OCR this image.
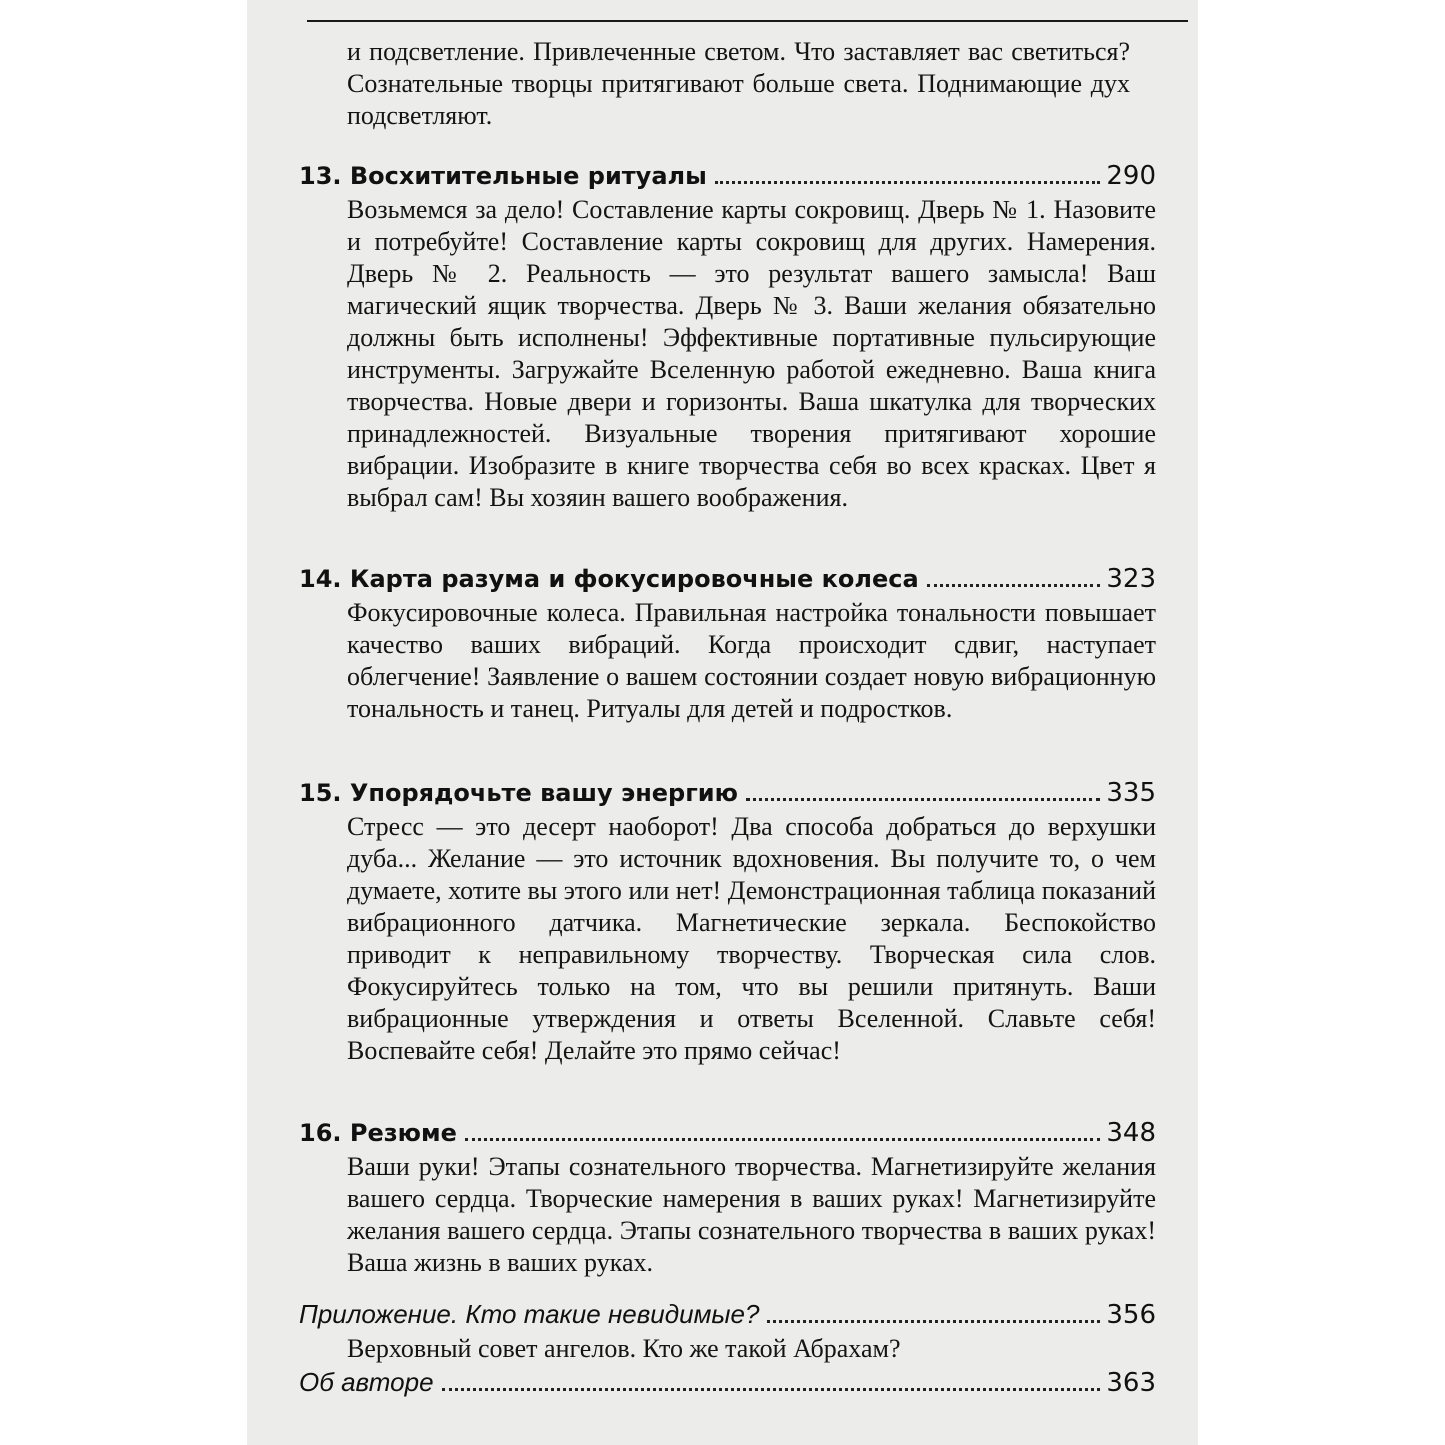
и подсветление. Привлеченные светом. Что заставляет вас светиться? Сознательные творцы притягивают больше света. Поднимающие дух подсветляют.
13. Восхитительные ритуалы	290
Возьмемся за дело! Составление карты сокровищ. Дверь № 1. Назовите и потребуйте! Составление карты сокровищ для других. Намерения. Дверь № 2. Реальность — это результат вашего замысла! Ваш магический ящик творчества. Дверь № 3. Ваши желания обязательно должны быть исполнены! Эффективные портативные пульсирующие инструменты. Загружайте Вселенную работой ежедневно. Ваша книга творчества. Новые двери и горизонты. Ваша шкатулка для творческих принадлежностей. Визуальные творения притягивают хорошие вибрации. Изобразите в книге творчества себя во всех красках. Цвет я выбрал сам! Вы хозяин вашего воображения.
14. Карта разума и фокусировочные колеса	323
Фокусировочные колеса. Правильная настройка тональности повышает качество ваших вибраций. Когда происходит сдвиг, наступает облегчение! Заявление о вашем состоянии создает новую вибрационную тональность и танец. Ритуалы для детей и подростков.
15. Упорядочьте вашу энергию	335
Стресс — это десерт наоборот! Два способа добраться до верхушки дуба... Желание — это источник вдохновения. Вы получите то, о чем думаете, хотите вы этого или нет! Демонстрационная таблица показаний вибрационного датчика. Магнетические зеркала. Беспокойство приводит к неправильному творчеству. Творческая сила слов. Фокусируйтесь только на том, что вы решили притянуть. Ваши вибрационные утверждения и ответы Вселенной. Славьте себя! Воспевайте себя! Делайте это прямо сейчас!
16. Резюме	348
Ваши руки! Этапы сознательного творчества. Магнетизируйте желания вашего сердца. Творческие намерения в ваших руках! Магнетизируйте желания вашего сердца. Этапы сознательного творчества в ваших руках! Ваша жизнь в ваших руках.
Приложение. Кто такие невидимые?	356
Верховный совет ангелов. Кто же такой Абрахам?
Об авторе	363
